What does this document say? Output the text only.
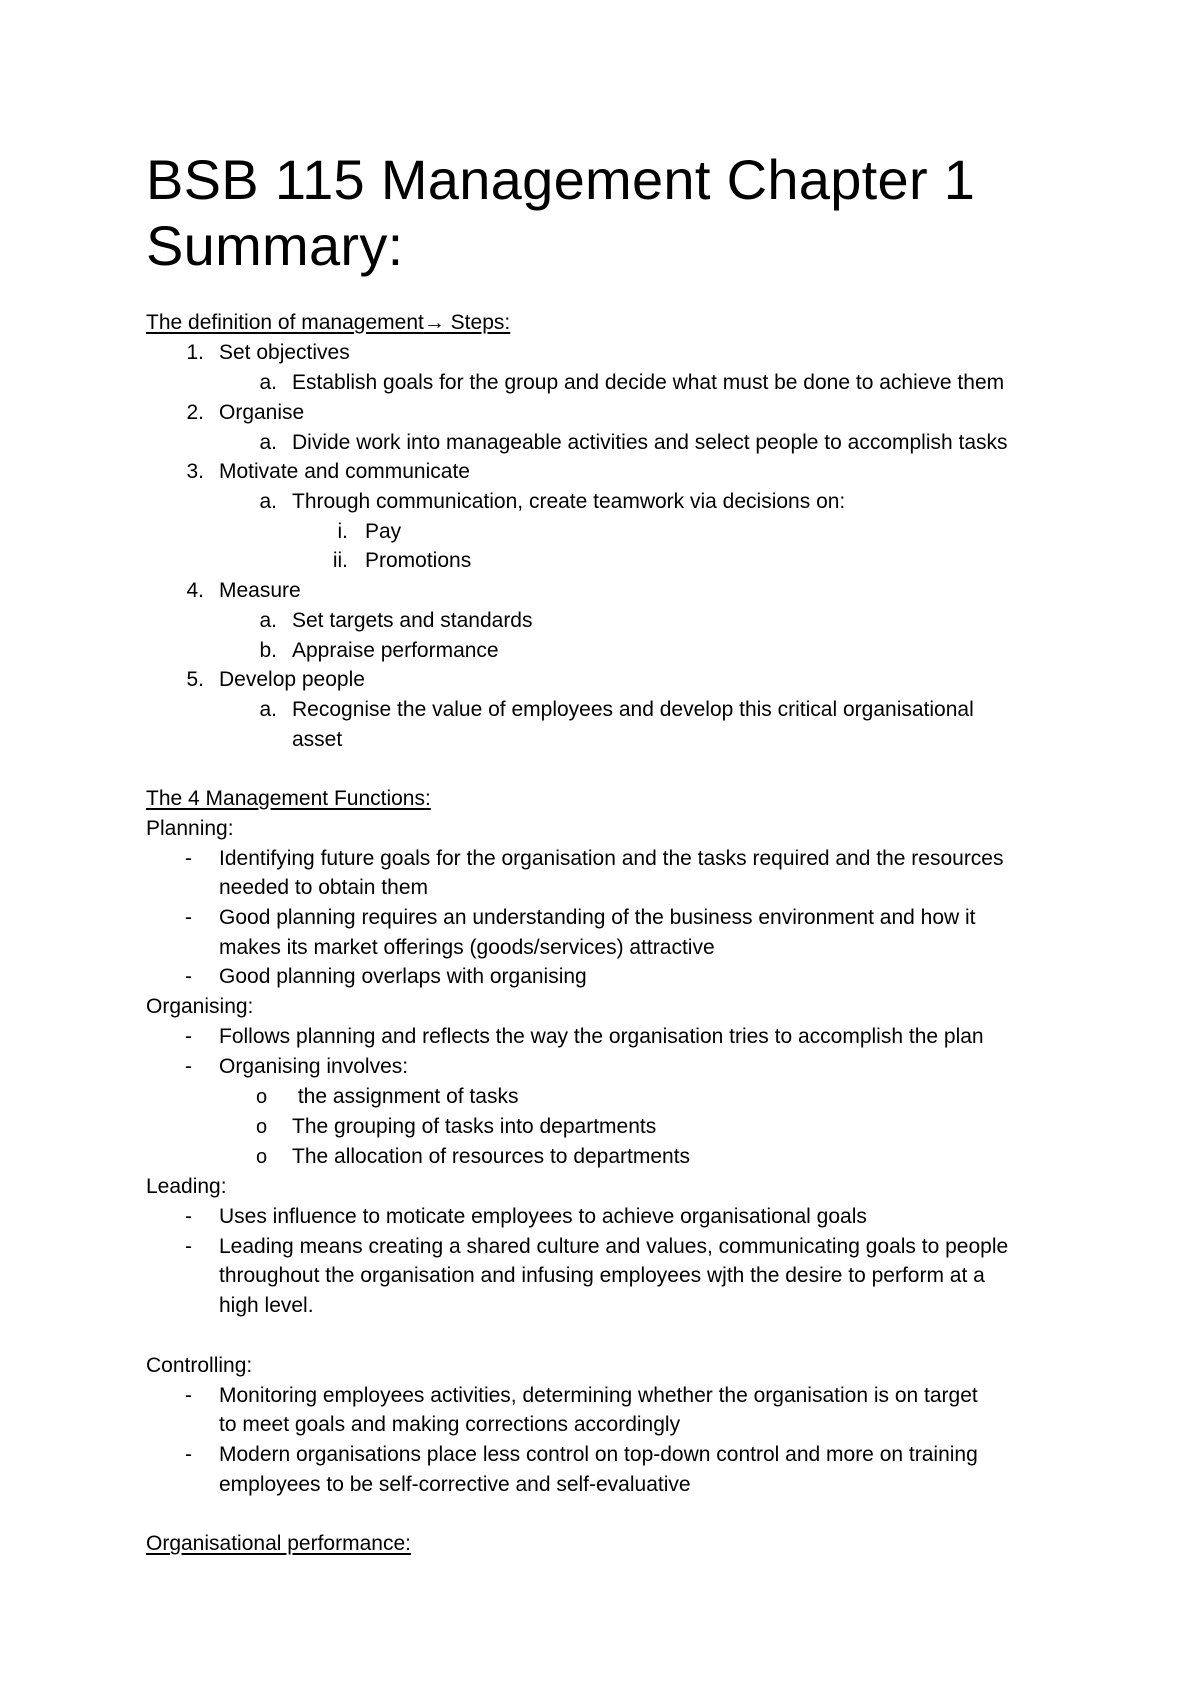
BSB 115 Management Chapter 1
Summary:
The definition of management→ Steps:
1. Set objectives
a. Establish goals for the group and decide what must be done to achieve them
2. Organise
a. Divide work into manageable activities and select people to accomplish tasks
3. Motivate and communicate
a. Through communication, create teamwork via decisions on:
i. Pay
ii. Promotions
4. Measure
a. Set targets and standards
b. Appraise performance
5. Develop people
a. Recognise the value of employees and develop this critical organisational
asset
The 4 Management Functions:
Planning:
- Identifying future goals for the organisation and the tasks required and the resources
needed to obtain them
- Good planning requires an understanding of the business environment and how it
makes its market offerings (goods/services) attractive
- Good planning overlaps with organising
Organising:
- Follows planning and reflects the way the organisation tries to accomplish the plan
- Organising involves:
o the assignment of tasks
o The grouping of tasks into departments
o The allocation of resources to departments
Leading:
- Uses influence to moticate employees to achieve organisational goals
- Leading means creating a shared culture and values, communicating goals to people
throughout the organisation and infusing employees wjth the desire to perform at a
high level.
Controlling:
- Monitoring employees activities, determining whether the organisation is on target
to meet goals and making corrections accordingly
- Modern organisations place less control on top-down control and more on training
employees to be self-corrective and self-evaluative
Organisational performance:
